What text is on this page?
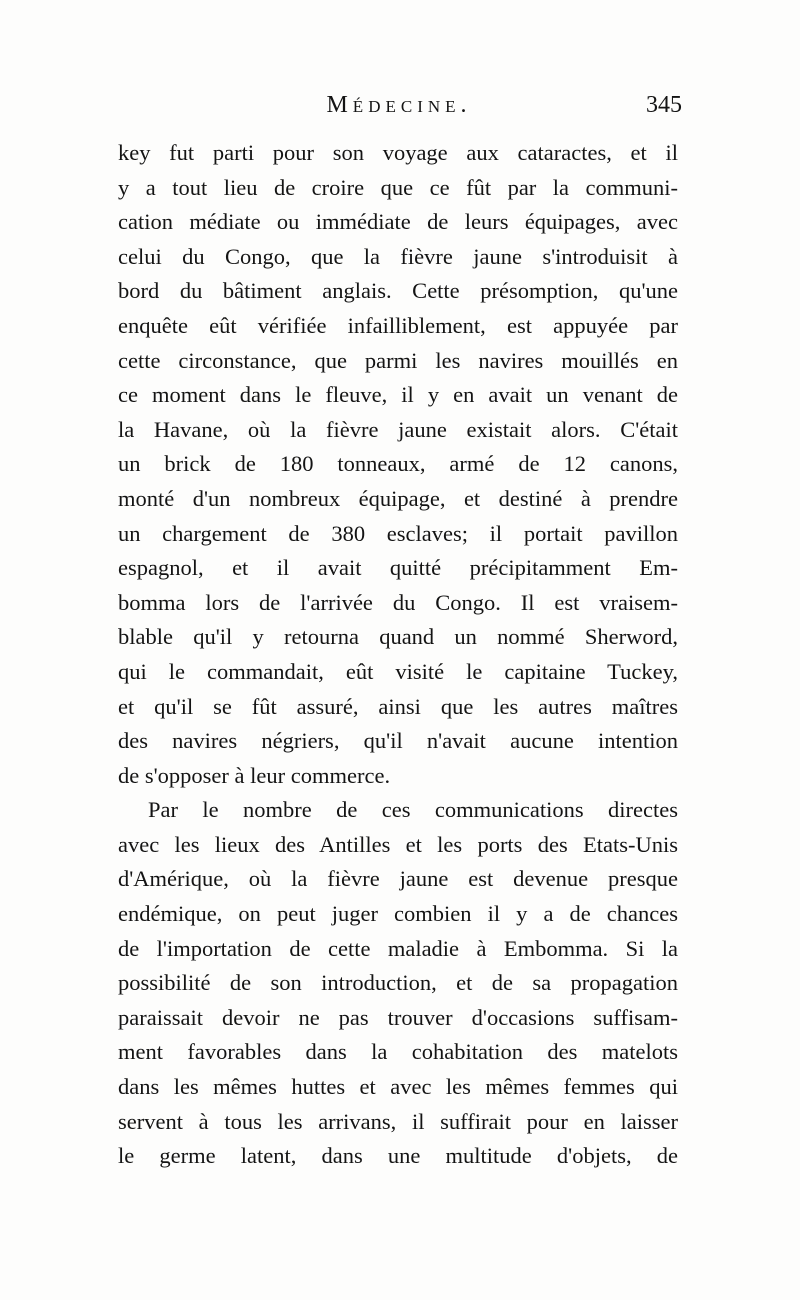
Médecine.	345
key fut parti pour son voyage aux cataractes, et il
y a tout lieu de croire que ce fût par la communi-
cation médiate ou immédiate de leurs équipages, avec
celui du Congo, que la fièvre jaune s'introduisit à
bord du bâtiment anglais. Cette présomption, qu'une
enquête eût vérifiée infailliblement, est appuyée par
cette circonstance, que parmi les navires mouillés en
ce moment dans le fleuve, il y en avait un venant de
la Havane, où la fièvre jaune existait alors. C'était
un brick de 180 tonneaux, armé de 12 canons,
monté d'un nombreux équipage, et destiné à prendre
un chargement de 380 esclaves; il portait pavillon
espagnol, et il avait quitté précipitamment Em-
bomma lors de l'arrivée du Congo. Il est vraisem-
blable qu'il y retourna quand un nommé Sherword,
qui le commandait, eût visité le capitaine Tuckey,
et qu'il se fût assuré, ainsi que les autres maîtres
des navires négriers, qu'il n'avait aucune intention
de s'opposer à leur commerce.
Par le nombre de ces communications directes
avec les lieux des Antilles et les ports des Etats-Unis
d'Amérique, où la fièvre jaune est devenue presque
endémique, on peut juger combien il y a de chances
de l'importation de cette maladie à Embomma. Si la
possibilité de son introduction, et de sa propagation
paraissait devoir ne pas trouver d'occasions suffisam-
ment favorables dans la cohabitation des matelots
dans les mêmes huttes et avec les mêmes femmes qui
servent à tous les arrivans, il suffirait pour en laisser
le germe latent, dans une multitude d'objets, de
